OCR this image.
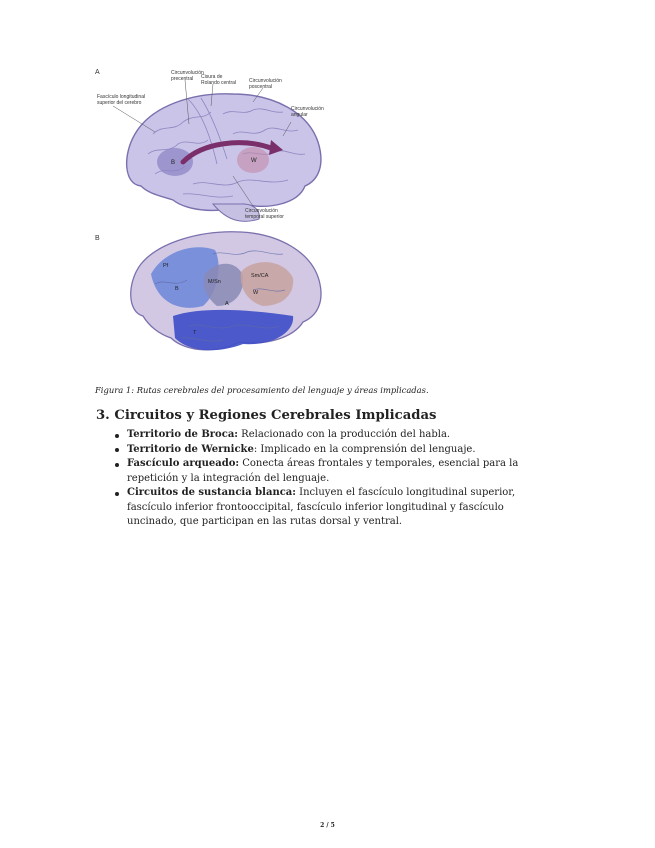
A
B	W
Circunvolución
precentral Cisura de
Rolando central	Circunvolución
poscentral
Fascículo longitudinal
superior del cerebro
Circunvolución
angular
Circunvolución
temporal superior
B
Pf
B
M/Sn
Sm/CA
W
A
T
Figura 1: Rutas cerebrales del procesamiento del lenguaje y áreas implicadas.
3. Circuitos y Regiones Cerebrales Implicadas
Territorio de Broca: Relacionado con la producción del habla.
Territorio de Wernicke: Implicado en la comprensión del lenguaje.
Fascículo arqueado: Conecta áreas frontales y temporales, esencial para la repetición y la integración del lenguaje.
Circuitos de sustancia blanca: Incluyen el fascículo longitudinal superior, fascículo inferior frontooccipital, fascículo inferior longitudinal y fascículo uncinado, que participan en las rutas dorsal y ventral.
2 / 5
